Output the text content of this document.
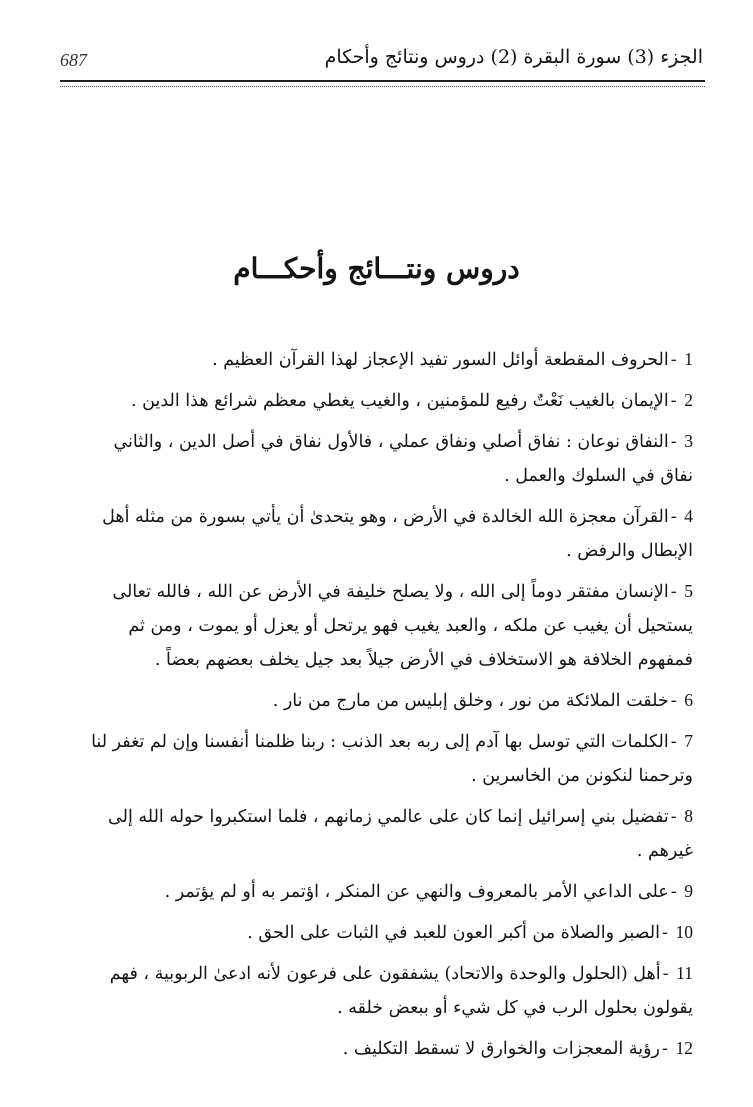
الجزء (3) سورة البقرة (2) دروس ونتائج وأحكام
687
دروس ونتـــائج وأحكـــام
1 -الحروف المقطعة أوائل السور تفيد الإعجاز لهذا القرآن العظيم .
2 -الإيمان بالغيب نَعْتٌ رفيع للمؤمنين ، والغيب يغطي معظم شرائع هذا الدين .
3 -النفاق نوعان : نفاق أصلي ونفاق عملي ، فالأول نفاق في أصل الدين ، والثاني
نفاق في السلوك والعمل .
4 -القرآن معجزة الله الخالدة في الأرض ، وهو يتحدىٰ أن يأتي بسورة من مثله أهل
الإبطال والرفض .
5 -الإنسان مفتقر دوماً إلى الله ، ولا يصلح خليفة في الأرض عن الله ، فالله تعالى
يستحيل أن يغيب عن ملكه ، والعبد يغيب فهو يرتحل أو يعزل أو يموت ، ومن ثم
فمفهوم الخلافة هو الاستخلاف في الأرض جيلاً بعد جيل يخلف بعضهم بعضاً .
6 -خلقت الملائكة من نور ، وخلق إبليس من مارج من نار .
7 -الكلمات التي توسل بها آدم إلى ربه بعد الذنب : ربنا ظلمنا أنفسنا وإن لم تغفر لنا
وترحمنا لنكونن من الخاسرين .
8 -تفضيل بني إسرائيل إنما كان على عالمي زمانهم ، فلما استكبروا حوله الله إلى
غيرهم .
9 -على الداعي الأمر بالمعروف والنهي عن المنكر ، اؤتمر به أو لم يؤتمر .
10 -الصبر والصلاة من أكبر العون للعبد في الثبات على الحق .
11 -أهل (الحلول والوحدة والاتحاد) يشفقون على فرعون لأنه ادعىٰ الربوبية ، فهم
يقولون بحلول الرب في كل شيء أو ببعض خلقه .
12 -رؤية المعجزات والخوارق لا تسقط التكليف .
